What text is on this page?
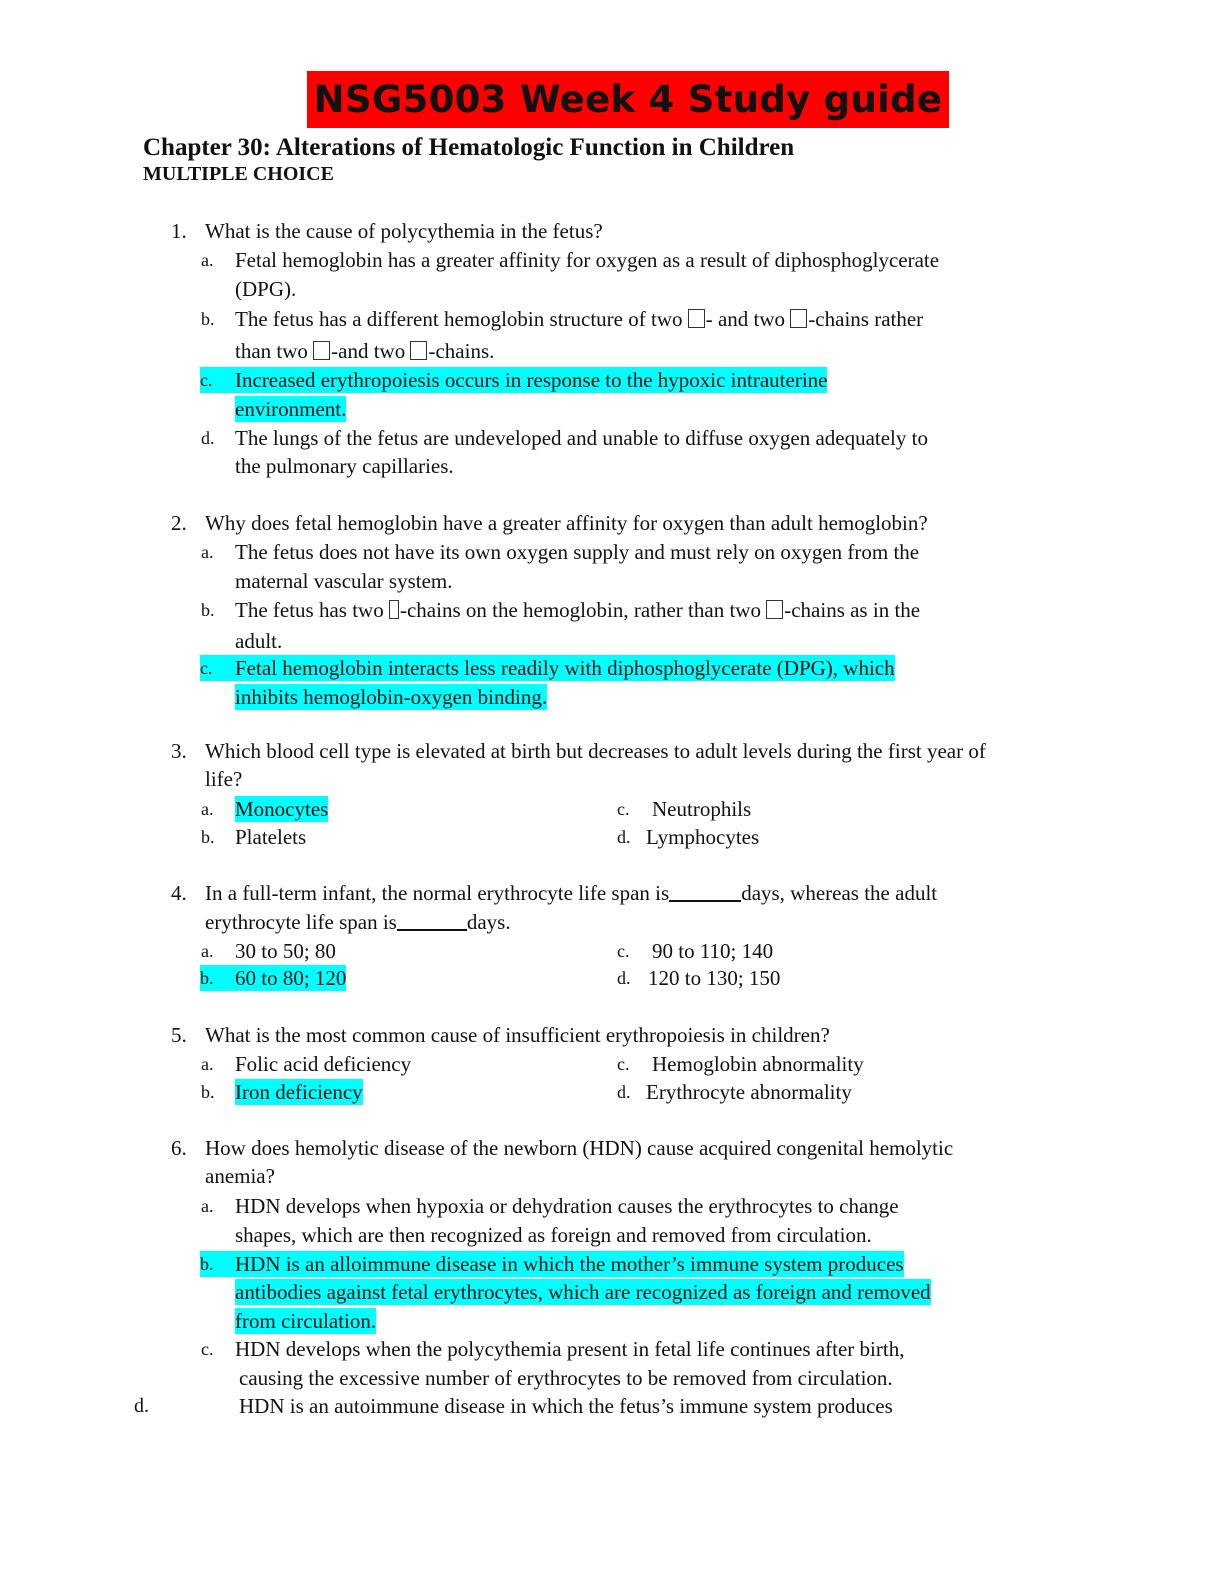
NSG5003 Week 4 Study guide
Chapter 30: Alterations of Hematologic Function in Children
MULTIPLE CHOICE
1. What is the cause of polycythemia in the fetus?
a. Fetal hemoglobin has a greater affinity for oxygen as a result of diphosphoglycerate
(DPG).
b. The fetus has a different hemoglobin structure of two - and two -chains rather
than two -and two -chains.
c.	Increased erythropoiesis occurs in response to the hypoxic intrauterine
environment.
d. The lungs of the fetus are undeveloped and unable to diffuse oxygen adequately to
the pulmonary capillaries.
2. Why does fetal hemoglobin have a greater affinity for oxygen than adult hemoglobin?
a. The fetus does not have its own oxygen supply and must rely on oxygen from the
maternal vascular system.
b. The fetus has two -chains on the hemoglobin, rather than two -chains as in the
adult.
c.	Fetal hemoglobin interacts less readily with diphosphoglycerate (DPG), which
inhibits hemoglobin-oxygen binding.
3. Which blood cell type is elevated at birth but decreases to adult levels during the first year of
life?
a. Monocytes
b. Platelets
c. Neutrophils
d. Lymphocytes
4. In a full-term infant, the normal erythrocyte life span is	days, whereas the adult
erythrocyte life span is	days.
a. 30 to 50; 80
b.	60 to 80; 120
c. 90 to 110; 140
d. 120 to 130; 150
5. What is the most common cause of insufficient erythropoiesis in children?
a. Folic acid deficiency
b. Iron deficiency
c. Hemoglobin abnormality
d. Erythrocyte abnormality
6. How does hemolytic disease of the newborn (HDN) cause acquired congenital hemolytic
anemia?
a. HDN develops when hypoxia or dehydration causes the erythrocytes to change
shapes, which are then recognized as foreign and removed from circulation.
b.	HDN is an alloimmune disease in which the mother’s immune system produces
antibodies against fetal erythrocytes, which are recognized as foreign and removed
from circulation.
c. HDN develops when the polycythemia present in fetal life continues after birth,
causing the excessive number of erythrocytes to be removed from circulation.
d.	HDN is an autoimmune disease in which the fetus’s immune system produces
